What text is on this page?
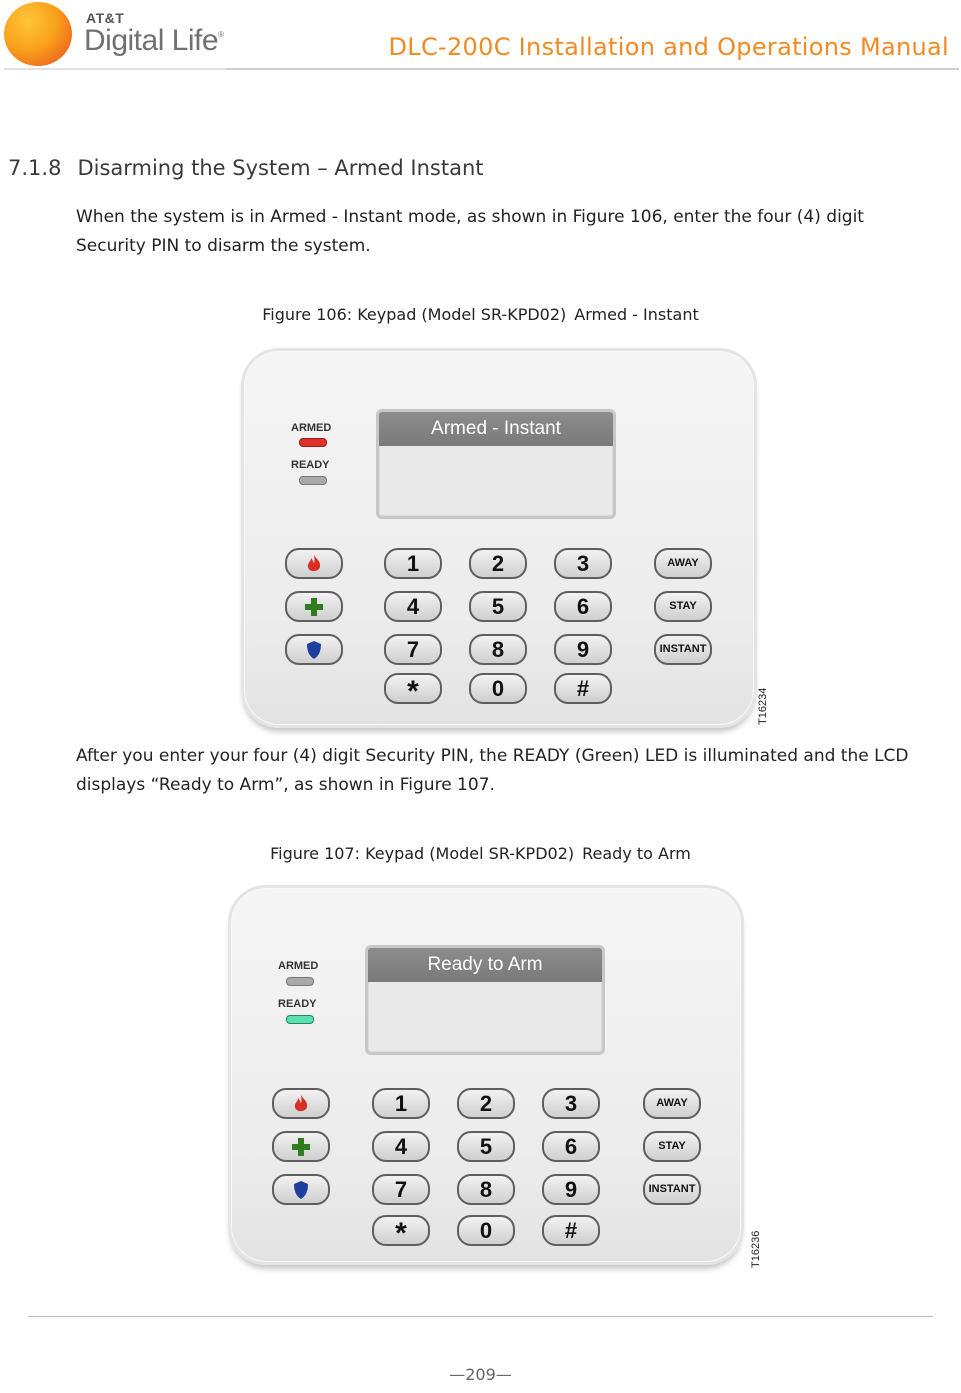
AT&T
Digital Life®	DLC-200C Installation and Operations Manual
7.1.8 Disarming the System – Armed Instant
When the system is in Armed - Instant mode, as shown in Figure 106, enter the four (4) digit Security PIN to disarm the system.
Figure 106: Keypad (Model SR-KPD02) Armed - Instant
ARMED
READY
Armed - Instant
1	2	3
4	5	6
7	8	9
*	0	#
AWAY
STAY
INSTANT
T16234
After you enter your four (4) digit Security PIN, the READY (Green) LED is illuminated and the LCD displays “Ready to Arm”, as shown in Figure 107.
Figure 107: Keypad (Model SR-KPD02) Ready to Arm
ARMED
READY
Ready to Arm
1	2	3
4	5	6
7	8	9
*	0	#
AWAY
STAY
INSTANT
T16236
—209—
